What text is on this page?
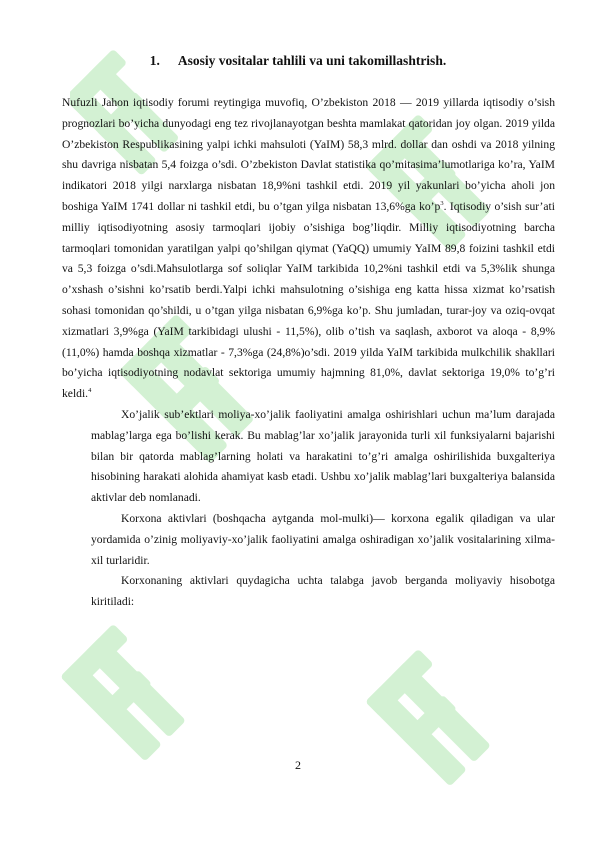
1. Asosiy vositalar tahlili va uni takomillashtrish.

Nufuzli Jahon iqtisodiy forumi reytingiga muvofiq, O’zbekiston 2018 — 2019 yillarda iqtisodiy o’sish prognozlari bo’yicha dunyodagi eng tez rivojlanayotgan beshta mamlakat qatoridan joy olgan. 2019 yilda O’zbekiston Respublikasining yalpi ichki mahsuloti (YaIM) 58,3 mlrd. dollar dan oshdi va 2018 yilning shu davriga nisbatan 5,4 foizga o’sdi. O’zbekiston Davlat statistika qo’mitasima’lumotlariga ko’ra, YaIM indikatori 2018 yilgi narxlarga nisbatan 18,9%ni tashkil etdi. 2019 yil yakunlari bo’yicha aholi jon boshiga YaIM 1741 dollar ni tashkil etdi, bu o’tgan yilga nisbatan 13,6%ga $ko’p^3$. Iqtisodiy o’sish sur’ati milliy iqtisodiyotning asosiy tarmoqlari ijobiy o’sishiga bog’liqdir. Milliy iqtisodiyotning barcha tarmoqlari tomonidan yaratilgan yalpi qo’shilgan qiymat (YaQQ) umumiy YaIM 89,8 foizini tashkil etdi va 5,3 foizga o’sdi.Mahsulotlarga sof soliqlar YaIM tarkibida 10,2%ni tashkil etdi va 5,3%lik shunga o’xshash o’sishni ko’rsatib berdi.Yalpi ichki mahsulotning o’sishiga eng katta hissa xizmat ko’rsatish sohasi tomonidan qo’shildi, u o’tgan yilga nisbatan 6,9%ga ko’p. Shu jumladan, turar-joy va oziq-ovqat xizmatlari 3,9%ga (YaIM tarkibidagi ulushi - 11,5%), olib o’tish va saqlash, axborot va aloqa - 8,9% (11,0%) hamda boshqa xizmatlar - 7,3%ga (24,8%)o’sdi. 2019 yilda YaIM tarkibida mulkchilik shakllari bo’yicha iqtisodiyotning nodavlat sektoriga umumiy hajmning 81,0%, davlat sektoriga 19,0% to’g’ri keldi.$^4$

Xo’jalik sub’ektlari moliya-xo’jalik faoliyatini amalga oshirishlari uchun ma’lum darajada mablag’larga ega bo’lishi kerak. Bu mablag’lar xo’jalik jarayonida turli xil funksiyalarni bajarishi bilan bir qatorda mablag’larning holati va harakatini to’g’ri amalga oshirilishida buxgalteriya hisobining harakati alohida ahamiyat kasb etadi. Ushbu xo’jalik mablag’lari buxgalteriya balansida aktivlar deb nomlanadi.

Korxona aktivlari (boshqacha aytganda mol-mulki)— korxona egalik qiladigan va ular yordamida o’zinig moliyaviy-xo’jalik faoliyatini amalga oshiradigan xo’jalik vositalarining xilma-xil turlaridir.

Korxonaning aktivlari quydagicha uchta talabga javob berganda moliyaviy hisobotga kiritiladi:

2
